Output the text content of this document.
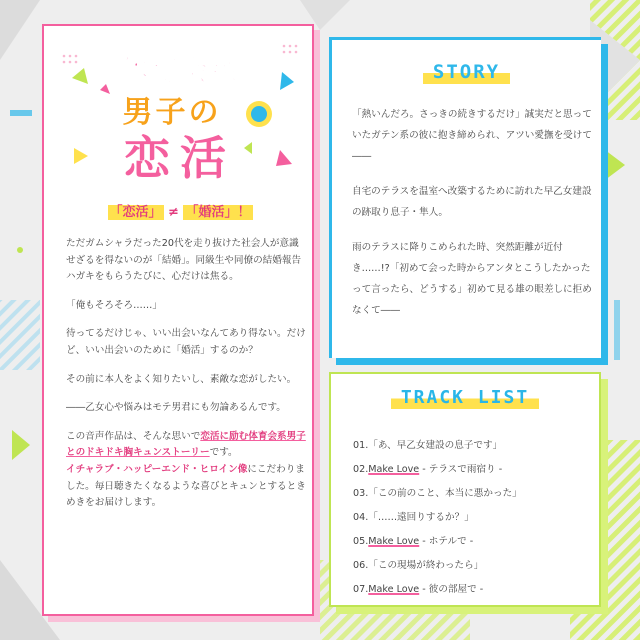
体育会系
男子の
恋活
「恋活」 ≠ 「婚活」！

ただガムシャラだった20代を走り抜けた社会人が意識せざるを得ないのが「結婚」。同級生や同僚の結婚報告ハガキをもらうたびに、心だけは焦る。

「俺もそろそろ……」

待ってるだけじゃ、いい出会いなんてあり得ない。だけど、いい出会いのために「婚活」するのか？

その前に本人をよく知りたいし、素敵な恋がしたい。

――乙女心や悩みはモテ男君にも勿論あるんです。

この音声作品は、そんな思いで恋活に励む体育会系男子とのドキドキ胸キュンストーリーです。
イチャラブ・ハッピーエンド・ヒロイン像にこだわりました。毎日聴きたくなるような喜びとキュンとするときめきをお届けします。

STORY

「熱いんだろ。さっきの続きするだけ」誠実だと思っていたガテン系の彼に抱き締められ、アツい愛撫を受けて――

自宅のテラスを温室へ改築するために訪れた早乙女建設の跡取り息子・隼人。

雨のテラスに降りこめられた時、突然距離が近付き……!?「初めて会った時からアンタとこうしたかったって言ったら、どうする」初めて見る雄の眼差しに拒めなくて――

TRACK LIST
01.「あ、早乙女建設の息子です」
02.Make Love - テラスで雨宿り -
03.「この前のこと、本当に悪かった」
04.「……遠回りするか？」
05.Make Love - ホテルで -
06.「この現場が終わったら」
07.Make Love - 彼の部屋で -
